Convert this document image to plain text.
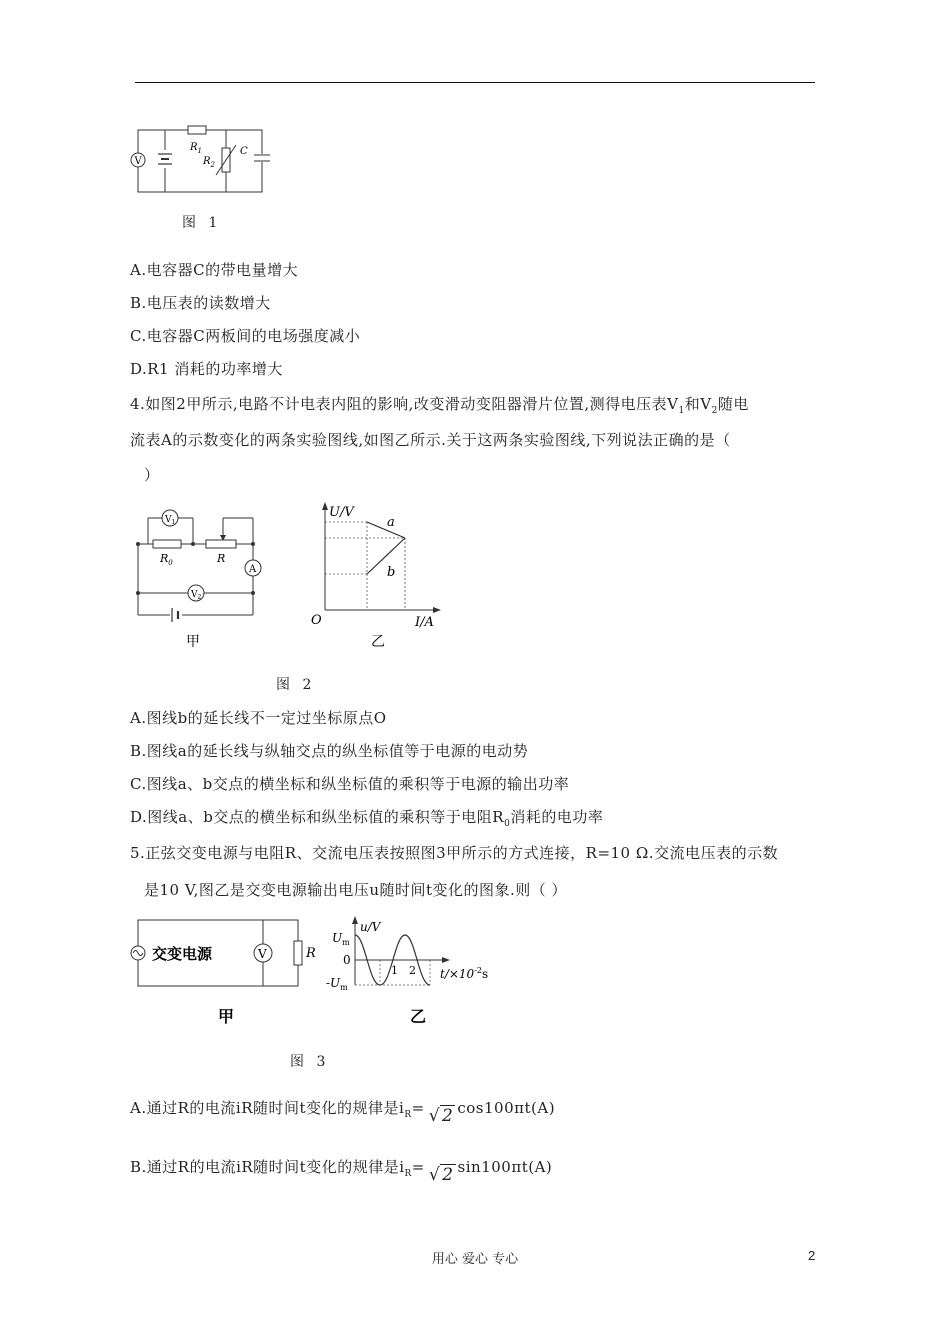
V
$R_1$
$R_2$
C
图 1
A.电容器C的带电量增大
B.电压表的读数增大
C.电容器C两板间的电场强度减小
D.R1 消耗的功率增大
4.如图2甲所示,电路不计电表内阻的影响,改变滑动变阻器滑片位置,测得电压表$V_1$和$V_2$随电
流表A的示数变化的两条实验图线,如图乙所示.关于这两条实验图线,下列说法正确的是（
）
$V_1$
$R_0$	R
A
$V_2$
甲
U/V
a
b
O	I/A
乙
图 2
A.图线b的延长线不一定过坐标原点O
B.图线a的延长线与纵轴交点的纵坐标值等于电源的电动势
C.图线a、b交点的横坐标和纵坐标值的乘积等于电源的输出功率
D.图线a、b交点的横坐标和纵坐标值的乘积等于电阻$R_0$消耗的电功率
5.正弦交变电源与电阻R、交流电压表按照图3甲所示的方式连接，R=10 Ω.交流电压表的示数
是10 V,图乙是交变电源输出电压u随时间t变化的图象.则（ ）
交变电源	V	R
甲
u/V
$U_m$
0
$-U_m$
1 2 $t/\times 10^{-2}s$
乙
图 3
A.通过R的电流iR随时间t变化的规律是$i_R=$ √ 2 cos100πt(A)
B.通过R的电流iR随时间t变化的规律是$i_R=$ √ 2 sin100πt(A)
用心 爱心 专心	2
